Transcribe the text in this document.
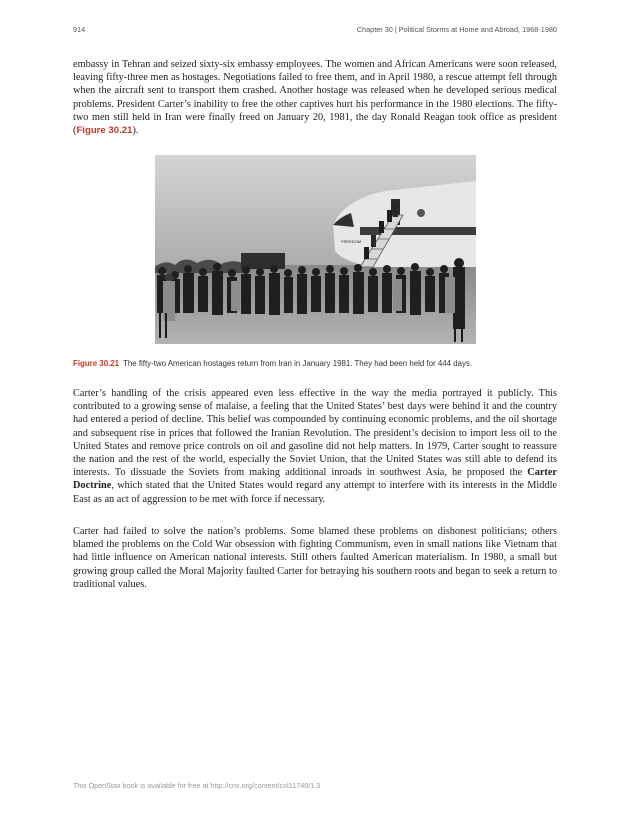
914	Chapter 30 | Political Storms at Home and Abroad, 1968-1980

embassy in Tehran and seized sixty-six embassy employees. The women and African Americans were soon released, leaving fifty-three men as hostages. Negotiations failed to free them, and in April 1980, a rescue attempt fell through when the aircraft sent to transport them crashed. Another hostage was released when he developed serious medical problems. President Carter’s inability to free the other captives hurt his performance in the 1980 elections. The fifty-two men still held in Iran were finally freed on January 20, 1981, the day Ronald Reagan took office as president (Figure 30.21).

FREEDOM
Figure 30.21 The fifty-two American hostages return from Iran in January 1981. They had been held for 444 days.

Carter’s handling of the crisis appeared even less effective in the way the media portrayed it publicly. This contributed to a growing sense of malaise, a feeling that the United States’ best days were behind it and the country had entered a period of decline. This belief was compounded by continuing economic problems, and the oil shortage and subsequent rise in prices that followed the Iranian Revolution. The president’s decision to import less oil to the United States and remove price controls on oil and gasoline did not help matters. In 1979, Carter sought to reassure the nation and the rest of the world, especially the Soviet Union, that the United States was still able to defend its interests. To dissuade the Soviets from making additional inroads in southwest Asia, he proposed the Carter Doctrine, which stated that the United States would regard any attempt to interfere with its interests in the Middle East as an act of aggression to be met with force if necessary.

Carter had failed to solve the nation’s problems. Some blamed these problems on dishonest politicians; others blamed the problems on the Cold War obsession with fighting Communism, even in small nations like Vietnam that had little influence on American national interests. Still others faulted American materialism. In 1980, a small but growing group called the Moral Majority faulted Carter for betraying his southern roots and began to seek a return to traditional values.

This OpenStax book is available for free at http://cnx.org/content/col11740/1.3
